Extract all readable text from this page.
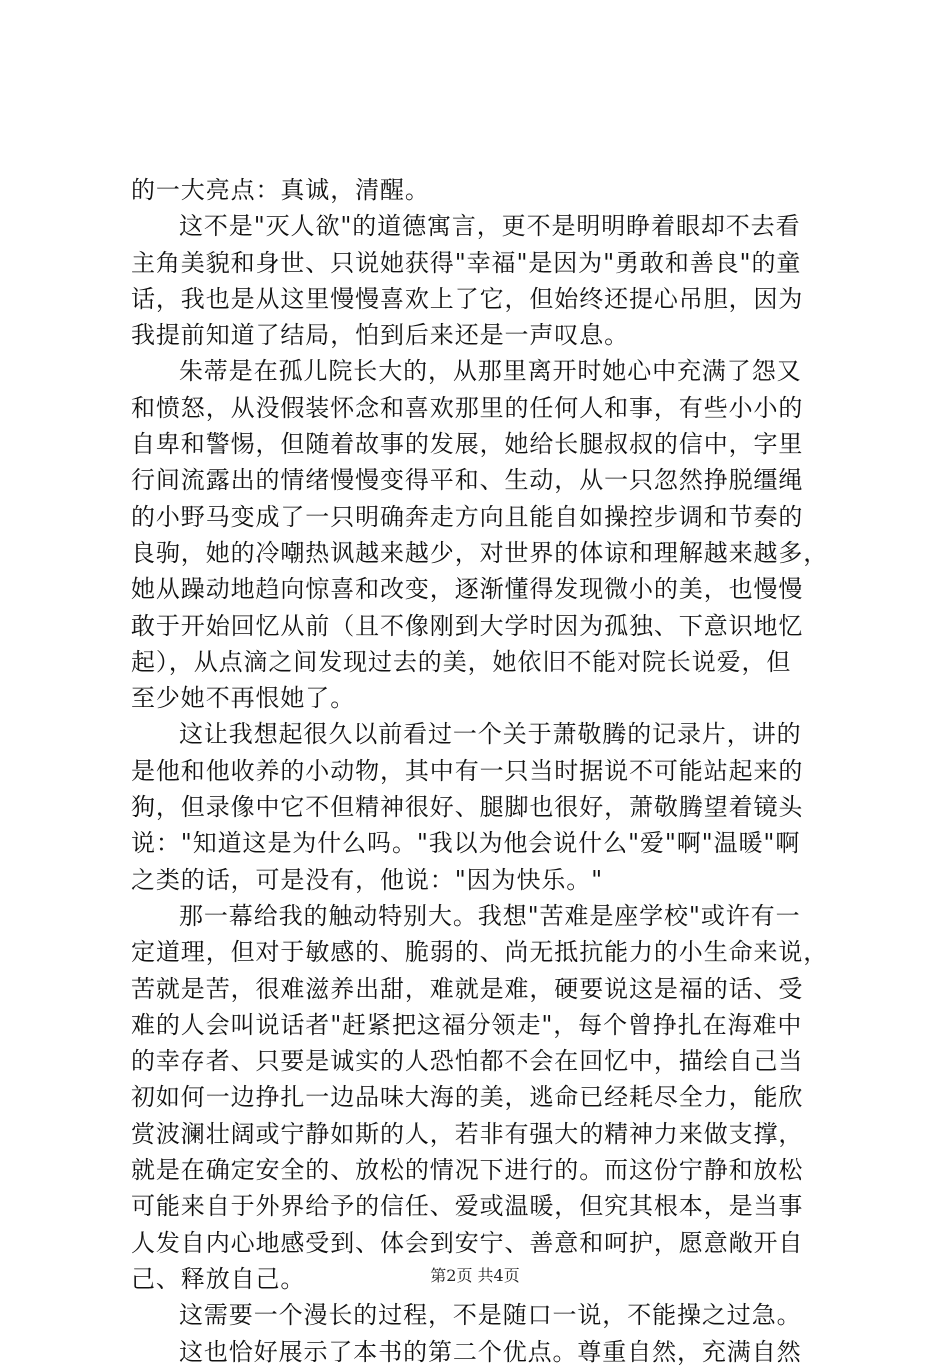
的一大亮点：真诚，清醒。
这不是"灭人欲"的道德寓言，更不是明明睁着眼却不去看
主角美貌和身世、只说她获得"幸福"是因为"勇敢和善良"的童
话，我也是从这里慢慢喜欢上了它，但始终还提心吊胆，因为
我提前知道了结局，怕到后来还是一声叹息。
朱蒂是在孤儿院长大的，从那里离开时她心中充满了怨又
和愤怒，从没假装怀念和喜欢那里的任何人和事，有些小小的
自卑和警惕，但随着故事的发展，她给长腿叔叔的信中，字里
行间流露出的情绪慢慢变得平和、生动，从一只忽然挣脱缰绳
的小野马变成了一只明确奔走方向且能自如操控步调和节奏的
良驹，她的冷嘲热讽越来越少，对世界的体谅和理解越来越多，
她从躁动地趋向惊喜和改变，逐渐懂得发现微小的美，也慢慢
敢于开始回忆从前（且不像刚到大学时因为孤独、下意识地忆
起），从点滴之间发现过去的美，她依旧不能对院长说爱，但
至少她不再恨她了。
这让我想起很久以前看过一个关于萧敬腾的记录片，讲的
是他和他收养的小动物，其中有一只当时据说不可能站起来的
狗，但录像中它不但精神很好、腿脚也很好，萧敬腾望着镜头
说："知道这是为什么吗。"我以为他会说什么"爱"啊"温暖"啊
之类的话，可是没有，他说："因为快乐。"
那一幕给我的触动特别大。我想"苦难是座学校"或许有一
定道理，但对于敏感的、脆弱的、尚无抵抗能力的小生命来说，
苦就是苦，很难滋养出甜，难就是难，硬要说这是福的话、受
难的人会叫说话者"赶紧把这福分领走"，每个曾挣扎在海难中
的幸存者、只要是诚实的人恐怕都不会在回忆中，描绘自己当
初如何一边挣扎一边品味大海的美，逃命已经耗尽全力，能欣
赏波澜壮阔或宁静如斯的人，若非有强大的精神力来做支撑，
就是在确定安全的、放松的情况下进行的。而这份宁静和放松
可能来自于外界给予的信任、爱或温暖，但究其根本，是当事
人发自内心地感受到、体会到安宁、善意和呵护，愿意敞开自
己、释放自己。
这需要一个漫长的过程，不是随口一说，不能操之过急。
这也恰好展示了本书的第二个优点。尊重自然，充满自然
第2页 共4页
